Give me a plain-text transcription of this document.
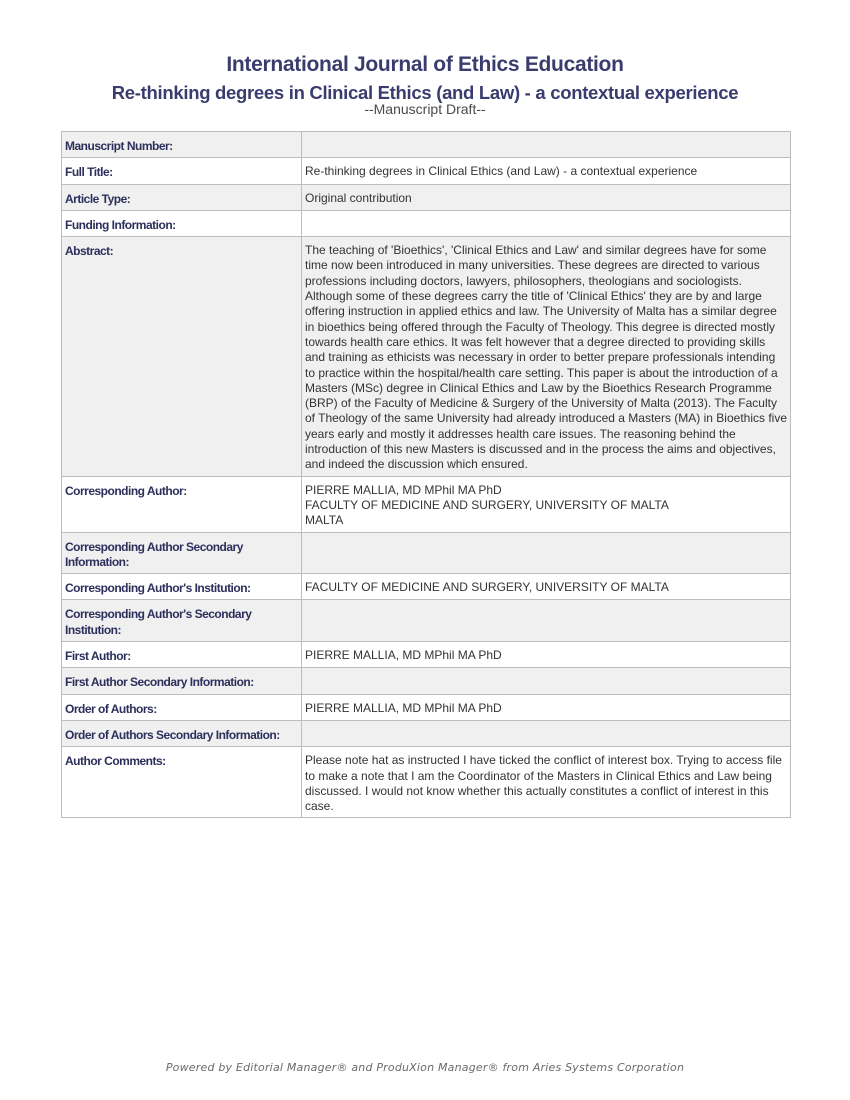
International Journal of Ethics Education
Re-thinking degrees in Clinical Ethics (and Law) - a contextual experience
--Manuscript Draft--
Manuscript Number:	
Full Title:	Re-thinking degrees in Clinical Ethics (and Law) - a contextual experience
Article Type:	Original contribution
Funding Information:	
Abstract:	The teaching of 'Bioethics', 'Clinical Ethics and Law' and similar degrees have for some time now been introduced in many universities. These degrees are directed to various professions including doctors, lawyers, philosophers, theologians and sociologists. Although some of these degrees carry the title of 'Clinical Ethics' they are by and large offering instruction in applied ethics and law. The University of Malta has a similar degree in bioethics being offered through the Faculty of Theology. This degree is directed mostly towards health care ethics. It was felt however that a degree directed to providing skills and training as ethicists was necessary in order to better prepare professionals intending to practice within the hospital/health care setting. This paper is about the introduction of a Masters (MSc) degree in Clinical Ethics and Law by the Bioethics Research Programme (BRP) of the Faculty of Medicine & Surgery of the University of Malta (2013). The Faculty of Theology of the same University had already introduced a Masters (MA) in Bioethics five years early and mostly it addresses health care issues. The reasoning behind the introduction of this new Masters is discussed and in the process the aims and objectives, and indeed the discussion which ensured.
Corresponding Author:	PIERRE MALLIA, MD MPhil MA PhD
FACULTY OF MEDICINE AND SURGERY, UNIVERSITY OF MALTA
MALTA

Corresponding Author Secondary Information:	
Corresponding Author's Institution:	FACULTY OF MEDICINE AND SURGERY, UNIVERSITY OF MALTA
Corresponding Author's Secondary Institution:	
First Author:	PIERRE MALLIA, MD MPhil MA PhD
First Author Secondary Information:	
Order of Authors:	PIERRE MALLIA, MD MPhil MA PhD
Order of Authors Secondary Information:	
Author Comments:	Please note hat as instructed I have ticked the conflict of interest box. Trying to access file to make a note that I am the Coordinator of the Masters in Clinical Ethics and Law being discussed. I would not know whether this actually constitutes a conflict of interest in this case.
Powered by Editorial Manager® and ProduXion Manager® from Aries Systems Corporation
